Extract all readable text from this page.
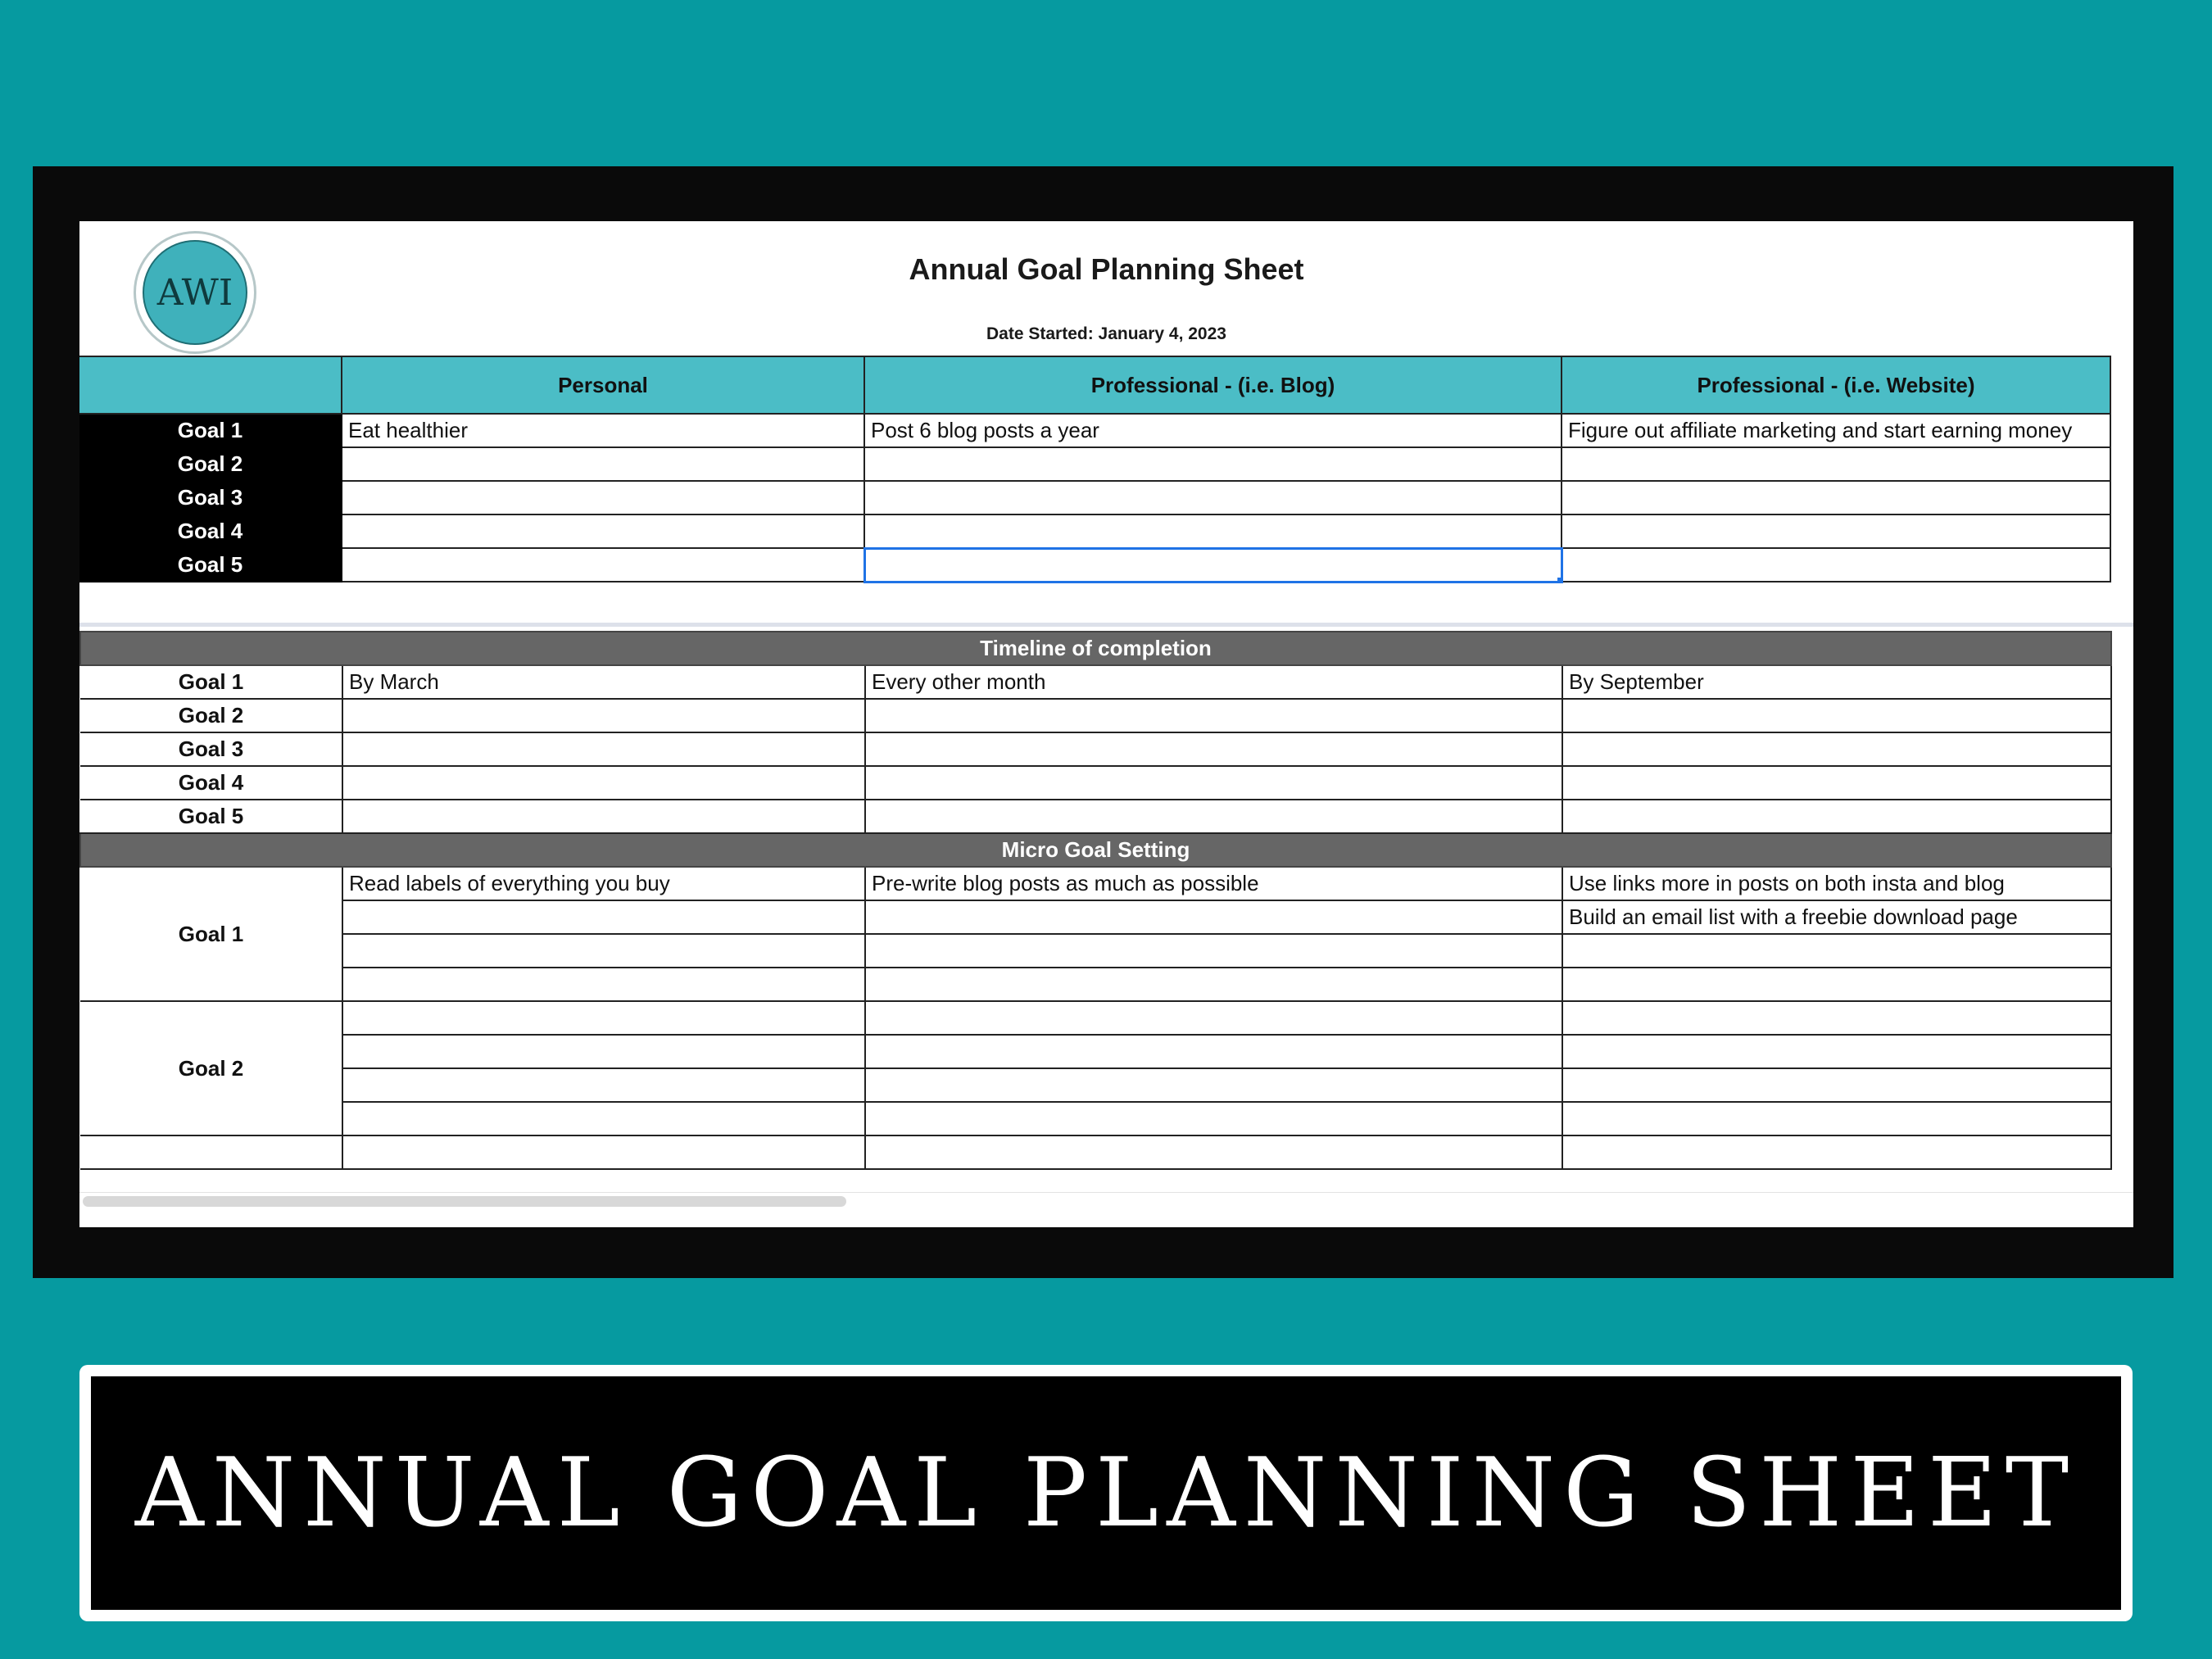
AWI
Annual Goal Planning Sheet
Date Started: January 4, 2023
	Personal	Professional - (i.e. Blog)	Professional - (i.e. Website)
Goal 1	Eat healthier	Post 6 blog posts a year	Figure out affiliate marketing and start earning money
Goal 2			
Goal 3			
Goal 4			
Goal 5		

Timeline of completion			
Goal 1	By March	Every other month	By September
Goal 2			
Goal 3			
Goal 4			
Goal 5			
Micro Goal Setting			
Goal 1	Read labels of everything you buy	Pre-write blog posts as much as possible	Use links more in posts on both insta and blog
			Build an email list with a freebie download page

Goal 2			

ANNUAL GOAL PLANNING SHEET
